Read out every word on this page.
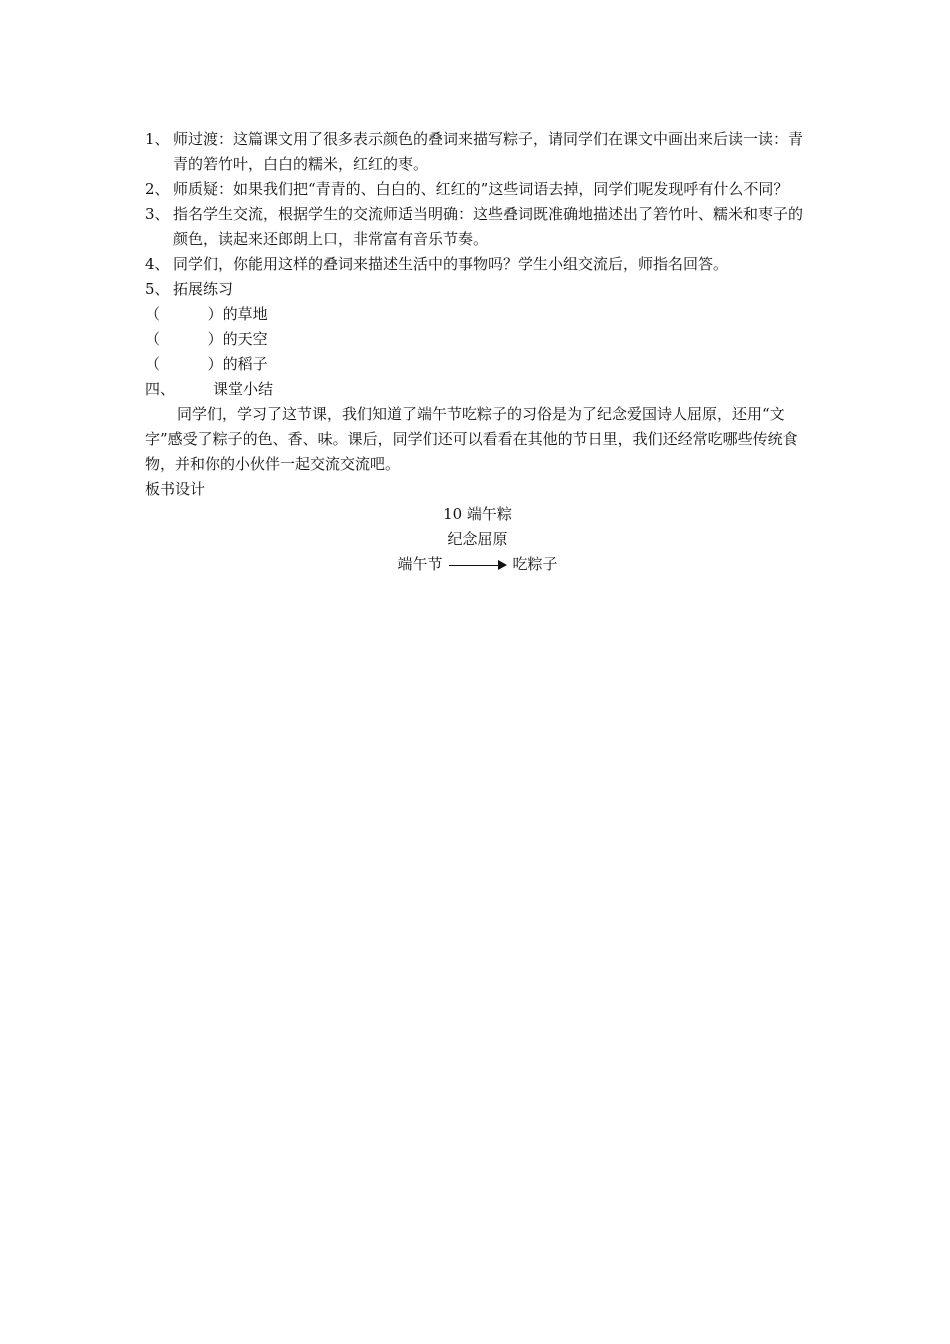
1、 师过渡：这篇课文用了很多表示颜色的叠词来描写粽子，请同学们在课文中画出来后读一读：青青的箬竹叶，白白的糯米，红红的枣。
2、 师质疑：如果我们把“青青的、白白的、红红的”这些词语去掉，同学们呢发现呼有什么不同？
3、 指名学生交流，根据学生的交流师适当明确：这些叠词既准确地描述出了箬竹叶、糯米和枣子的颜色，读起来还郎朗上口，非常富有音乐节奏。
4、 同学们，你能用这样的叠词来描述生活中的事物吗？学生小组交流后，师指名回答。
5、 拓展练习
（          ）的草地
（          ）的天空
（          ）的稻子
四、	课堂小结
同学们，学习了这节课，我们知道了端午节吃粽子的习俗是为了纪念爱国诗人屈原，还用“文字”感受了粽子的色、香、味。课后，同学们还可以看看在其他的节日里，我们还经常吃哪些传统食物，并和你的小伙伴一起交流交流吧。
板书设计
10 端午粽
纪念屈原
端午节	吃粽子
